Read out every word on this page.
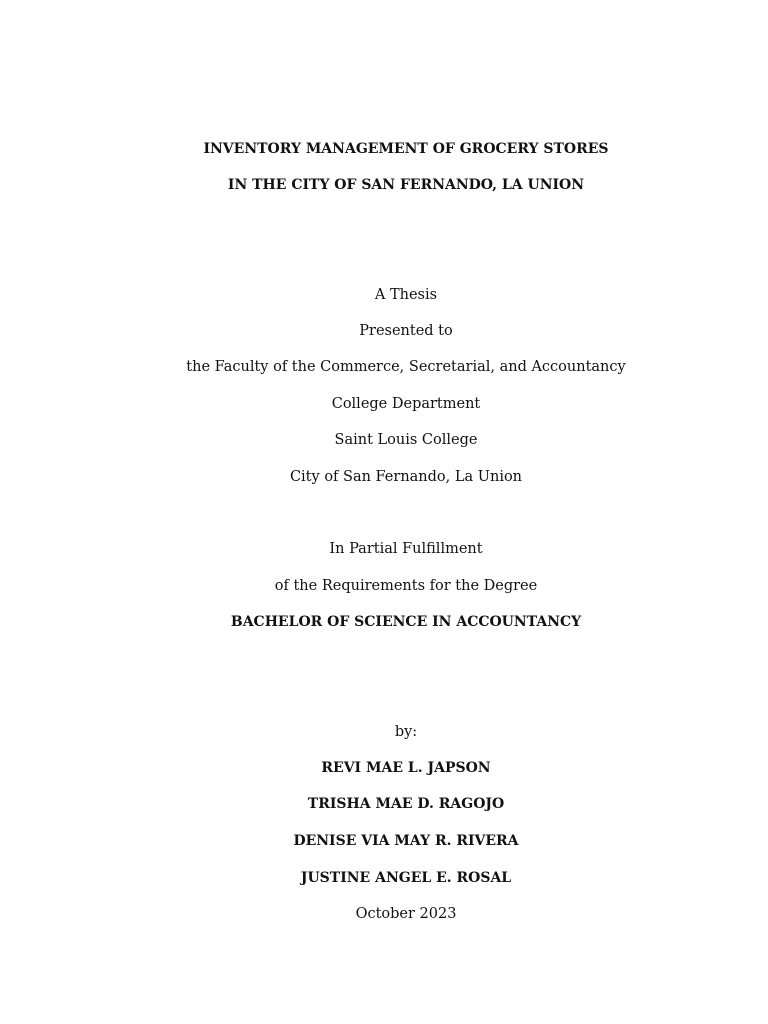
INVENTORY MANAGEMENT OF GROCERY STORES
IN THE CITY OF SAN FERNANDO, LA UNION
A Thesis
Presented to
the Faculty of the Commerce, Secretarial, and Accountancy
College Department
Saint Louis College
City of San Fernando, La Union
In Partial Fulfillment
of the Requirements for the Degree
BACHELOR OF SCIENCE IN ACCOUNTANCY
by:
REVI MAE L. JAPSON
TRISHA MAE D. RAGOJO
DENISE VIA MAY R. RIVERA
JUSTINE ANGEL E. ROSAL
October 2023
